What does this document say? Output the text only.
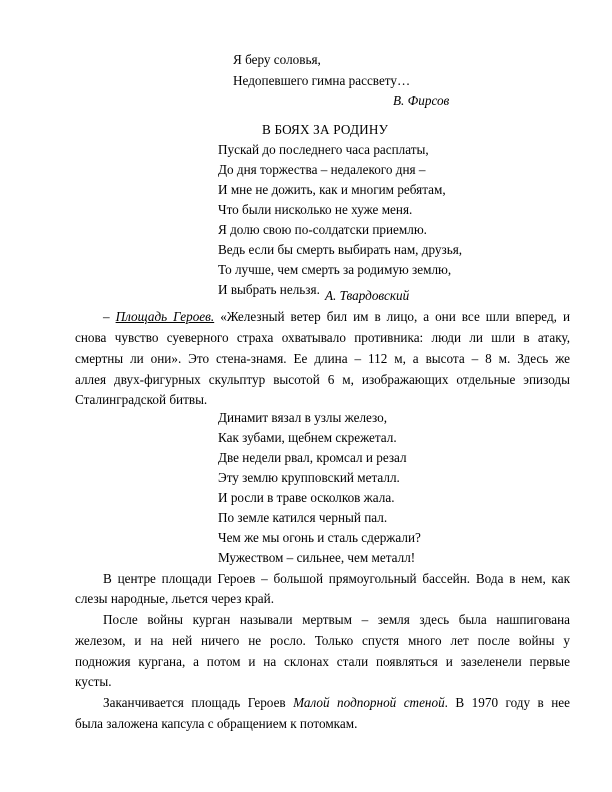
Я беру соловья,
Недопевшего гимна рассвету…
В. Фирсов
В БОЯХ ЗА РОДИНУ
Пускай до последнего часа расплаты,
До дня торжества – недалекого дня –
И мне не дожить, как и многим ребятам,
Что были нисколько не хуже меня.
Я долю свою по-солдатски приемлю.
Ведь если бы смерть выбирать нам, друзья,
То лучше, чем смерть за родимую землю,
И выбрать нельзя. А. Твардовский
– Площадь Героев. «Железный ветер бил им в лицо, а они все шли вперед, и
снова чувство суеверного страха охватывало противника: люди ли шли в атаку,
смертны ли они». Это стена-знамя. Ее длина – 112 м, а высота – 8 м. Здесь же
аллея двух-фигурных скульптур высотой 6 м, изображающих отдельные эпизоды
Сталинградской битвы.
Динамит вязал в узлы железо,
Как зубами, щебнем скрежетал.
Две недели рвал, кромсал и резал
Эту землю крупповский металл.
И росли в траве осколков жала.
По земле катился черный пал.
Чем же мы огонь и сталь сдержали?
Мужеством – сильнее, чем металл!
В центре площади Героев – большой прямоугольный бассейн. Вода в нем, как
слезы народные, льется через край.
После войны курган называли мертвым – земля здесь была нашпигована
железом, и на ней ничего не росло. Только спустя много лет после войны у
подножия кургана, а потом и на склонах стали появляться и зазеленели первые
кусты.
Заканчивается площадь Героев Малой подпорной стеной. В 1970 году в нее
была заложена капсула с обращением к потомкам.
